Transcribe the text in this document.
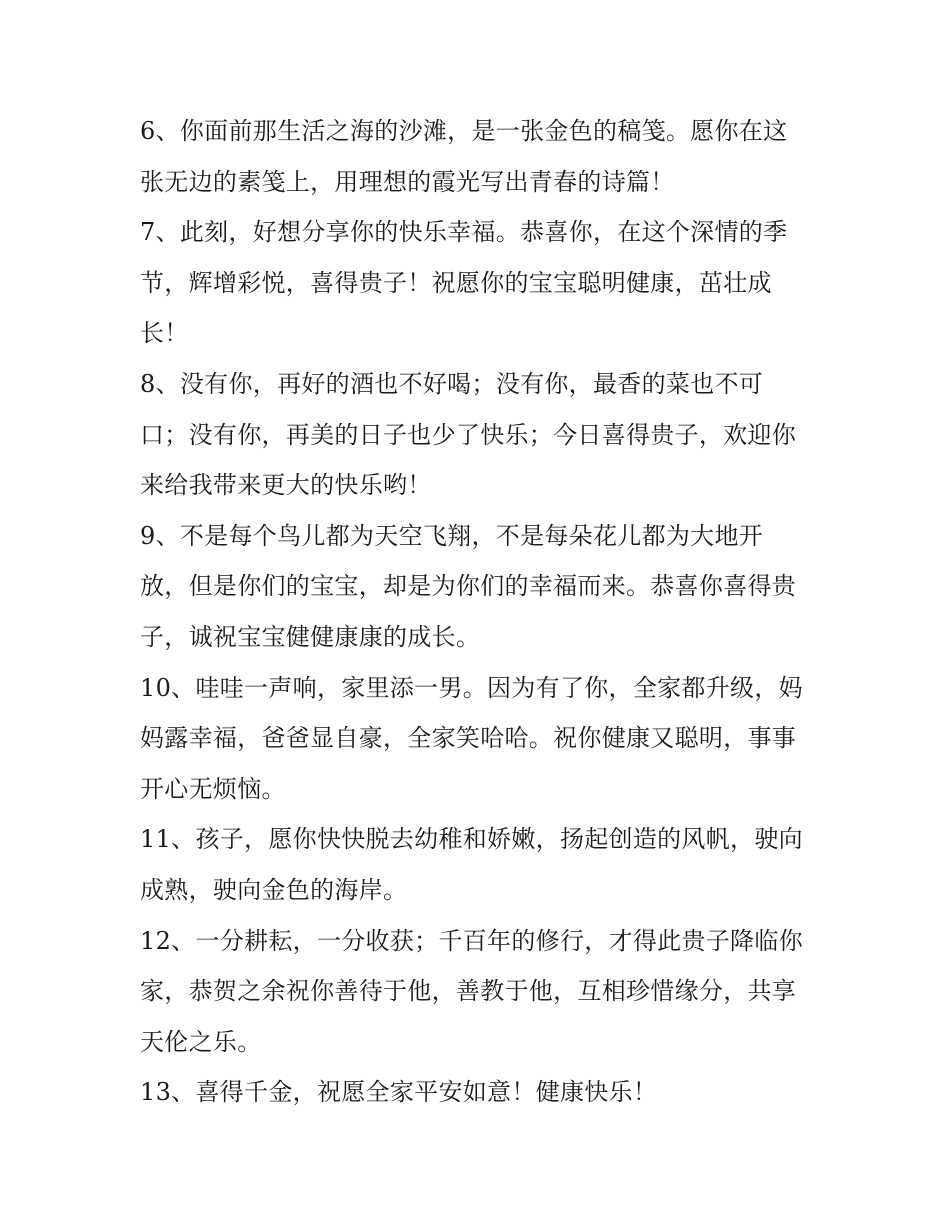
6、你面前那生活之海的沙滩，是一张金色的稿笺。愿你在这
张无边的素笺上，用理想的霞光写出青春的诗篇！
7、此刻，好想分享你的快乐幸福。恭喜你，在这个深情的季
节，辉增彩悦，喜得贵子！祝愿你的宝宝聪明健康，茁壮成
长！
8、没有你，再好的酒也不好喝；没有你，最香的菜也不可
口；没有你，再美的日子也少了快乐；今日喜得贵子，欢迎你
来给我带来更大的快乐哟！
9、不是每个鸟儿都为天空飞翔，不是每朵花儿都为大地开
放，但是你们的宝宝，却是为你们的幸福而来。恭喜你喜得贵
子，诚祝宝宝健健康康的成长。
10、哇哇一声响，家里添一男。因为有了你，全家都升级，妈
妈露幸福，爸爸显自豪，全家笑哈哈。祝你健康又聪明，事事
开心无烦恼。
11、孩子，愿你快快脱去幼稚和娇嫩，扬起创造的风帆，驶向
成熟，驶向金色的海岸。
12、一分耕耘，一分收获；千百年的修行，才得此贵子降临你
家，恭贺之余祝你善待于他，善教于他，互相珍惜缘分，共享
天伦之乐。
13、喜得千金，祝愿全家平安如意！健康快乐！
